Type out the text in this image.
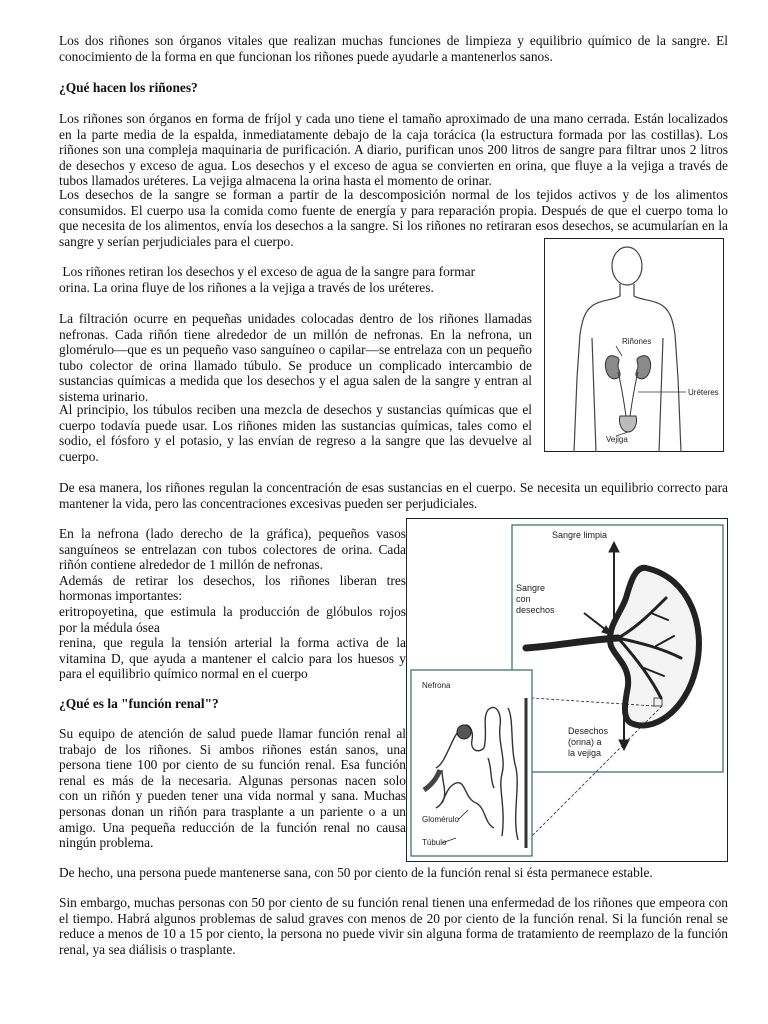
Los dos riñones son órganos vitales que realizan muchas funciones de limpieza y equilibrio químico de la sangre. El conocimiento de la forma en que funcionan los riñones puede ayudarle a mantenerlos sanos.

¿Qué hacen los riñones?

Los riñones son órganos en forma de fríjol y cada uno tiene el tamaño aproximado de una mano cerrada. Están localizados en la parte media de la espalda, inmediatamente debajo de la caja torácica (la estructura formada por las costillas). Los riñones son una compleja maquinaria de purificación. A diario, purifican unos 200 litros de sangre para filtrar unos 2 litros de desechos y exceso de agua. Los desechos y el exceso de agua se convierten en orina, que fluye a la vejiga a través de tubos llamados uréteres. La vejiga almacena la orina hasta el momento de orinar.

Los desechos de la sangre se forman a partir de la descomposición normal de los tejidos activos y de los alimentos consumidos. El cuerpo usa la comida como fuente de energía y para reparación propia. Después de que el cuerpo toma lo que necesita de los alimentos, envía los desechos a la sangre. Si los riñones no retiraran esos desechos, se acumularían en la sangre y serían perjudiciales para el cuerpo.

Los riñones retiran los desechos y el exceso de agua de la sangre para formar
orina. La orina fluye de los riñones a la vejiga a través de los uréteres.

La filtración ocurre en pequeñas unidades colocadas dentro de los riñones llamadas nefronas. Cada riñón tiene alrededor de un millón de nefronas. En la nefrona, un glomérulo—que es un pequeño vaso sanguíneo o capilar—se entrelaza con un pequeño tubo colector de orina llamado túbulo. Se produce un complicado intercambio de sustancias químicas a medida que los desechos y el agua salen de la sangre y entran al sistema urinario.

Al principio, los túbulos reciben una mezcla de desechos y sustancias químicas que el cuerpo todavía puede usar. Los riñones miden las sustancias químicas, tales como el sodio, el fósforo y el potasio, y las envían de regreso a la sangre que las devuelve al cuerpo.

De esa manera, los riñones regulan la concentración de esas sustancias en el cuerpo. Se necesita un equilibrio correcto para mantener la vida, pero las concentraciones excesivas pueden ser perjudiciales.

En la nefrona (lado derecho de la gráfica), pequeños vasos
sanguíneos se entrelazan con tubos colectores de orina. Cada
riñón contiene alrededor de 1 millón de nefronas.
Además de retirar los desechos, los riñones liberan tres
hormonas importantes:
eritropoyetina, que estimula la producción de glóbulos rojos
por la médula ósea
renina, que regula la tensión arterial la forma activa de la
vitamina D, que ayuda a mantener el calcio para los huesos y
para el equilibrio químico normal en el cuerpo

¿Qué es la "función renal"?

Su equipo de atención de salud puede llamar función renal al
trabajo de los riñones. Si ambos riñones están sanos, una
persona tiene 100 por ciento de su función renal. Esa función
renal es más de la necesaria. Algunas personas nacen solo
con un riñón y pueden tener una vida normal y sana. Muchas
personas donan un riñón para trasplante a un pariente o a un
amigo. Una pequeña reducción de la función renal no causa
ningún problema.

De hecho, una persona puede mantenerse sana, con 50 por ciento de la función renal si ésta permanece estable.

Sin embargo, muchas personas con 50 por ciento de su función renal tienen una enfermedad de los riñones que empeora con el tiempo. Habrá algunos problemas de salud graves con menos de 20 por ciento de la función renal. Si la función renal se reduce a menos de 10 a 15 por ciento, la persona no puede vivir sin alguna forma de tratamiento de reemplazo de la función renal, ya sea diálisis o trasplante.

Riñones
Uréteres
Vejiga
Sangre limpia
Sangre
con
desechos
Desechos
(orina) a
la vejiga
Nefrona
Glomérulo
Túbulo
